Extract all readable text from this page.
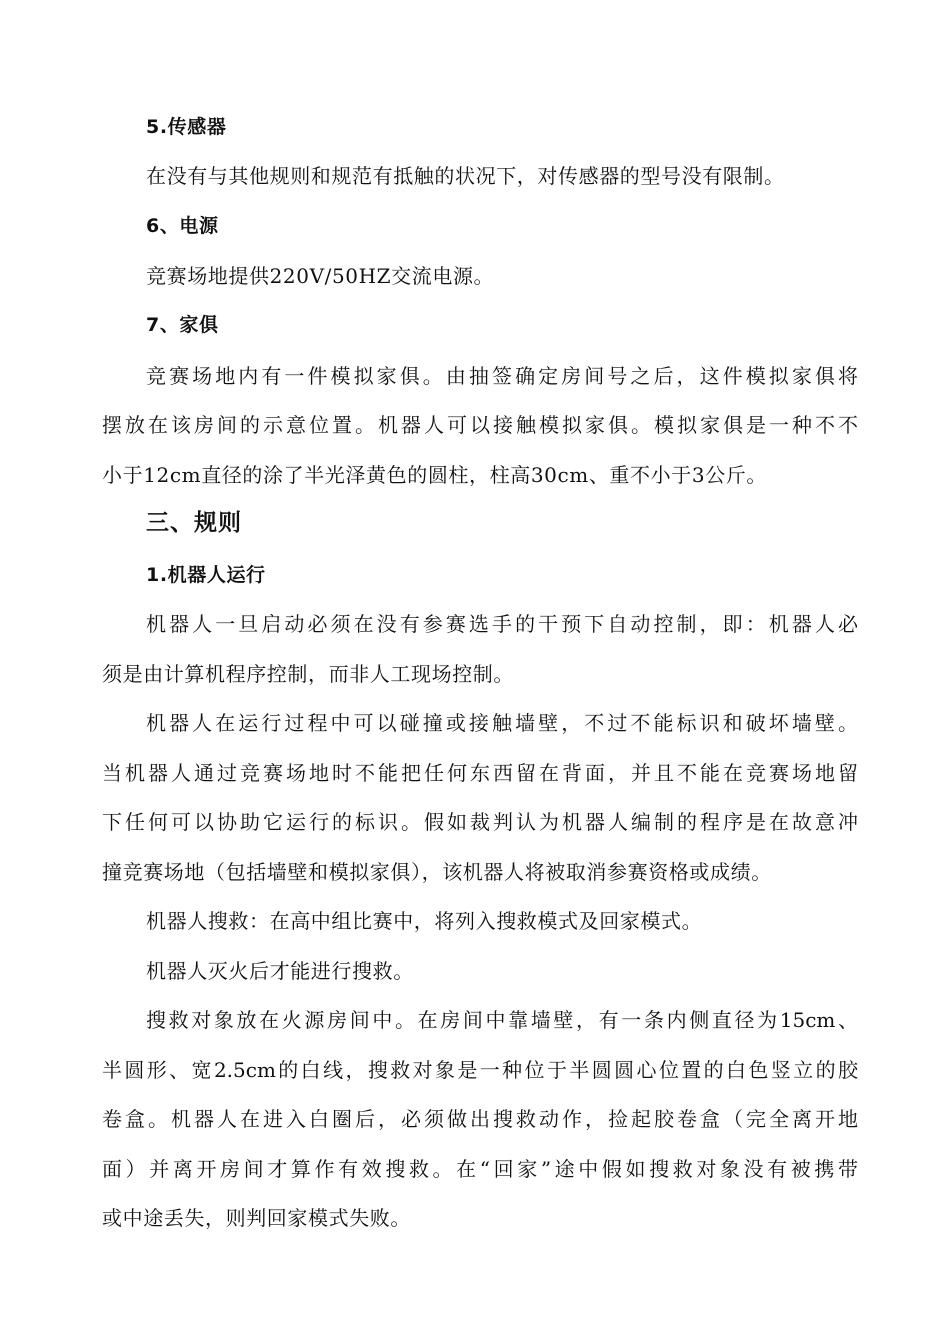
5.传感器
在没有与其他规则和规范有抵触的状况下，对传感器的型号没有限制。
6、电源
竞赛场地提供220V/50HZ交流电源。
7、家俱
竞赛场地内有一件模拟家俱。由抽签确定房间号之后，这件模拟家俱将
摆放在该房间的示意位置。机器人可以接触模拟家俱。模拟家俱是一种不不
小于12cm直径的涂了半光泽黄色的圆柱，柱高30cm、重不小于3公斤。
三、规则
1.机器人运行
机器人一旦启动必须在没有参赛选手的干预下自动控制，即：机器人必
须是由计算机程序控制，而非人工现场控制。
机器人在运行过程中可以碰撞或接触墙壁，不过不能标识和破坏墙壁。
当机器人通过竞赛场地时不能把任何东西留在背面，并且不能在竞赛场地留
下任何可以协助它运行的标识。假如裁判认为机器人编制的程序是在故意冲
撞竞赛场地（包括墙壁和模拟家俱），该机器人将被取消参赛资格或成绩。
机器人搜救：在高中组比赛中，将列入搜救模式及回家模式。
机器人灭火后才能进行搜救。
搜救对象放在火源房间中。在房间中靠墙壁，有一条内侧直径为15cm、
半圆形、宽2.5cm的白线，搜救对象是一种位于半圆圆心位置的白色竖立的胶
卷盒。机器人在进入白圈后，必须做出搜救动作，捡起胶卷盒（完全离开地
面）并离开房间才算作有效搜救。在“回家”途中假如搜救对象没有被携带
或中途丢失，则判回家模式失败。
